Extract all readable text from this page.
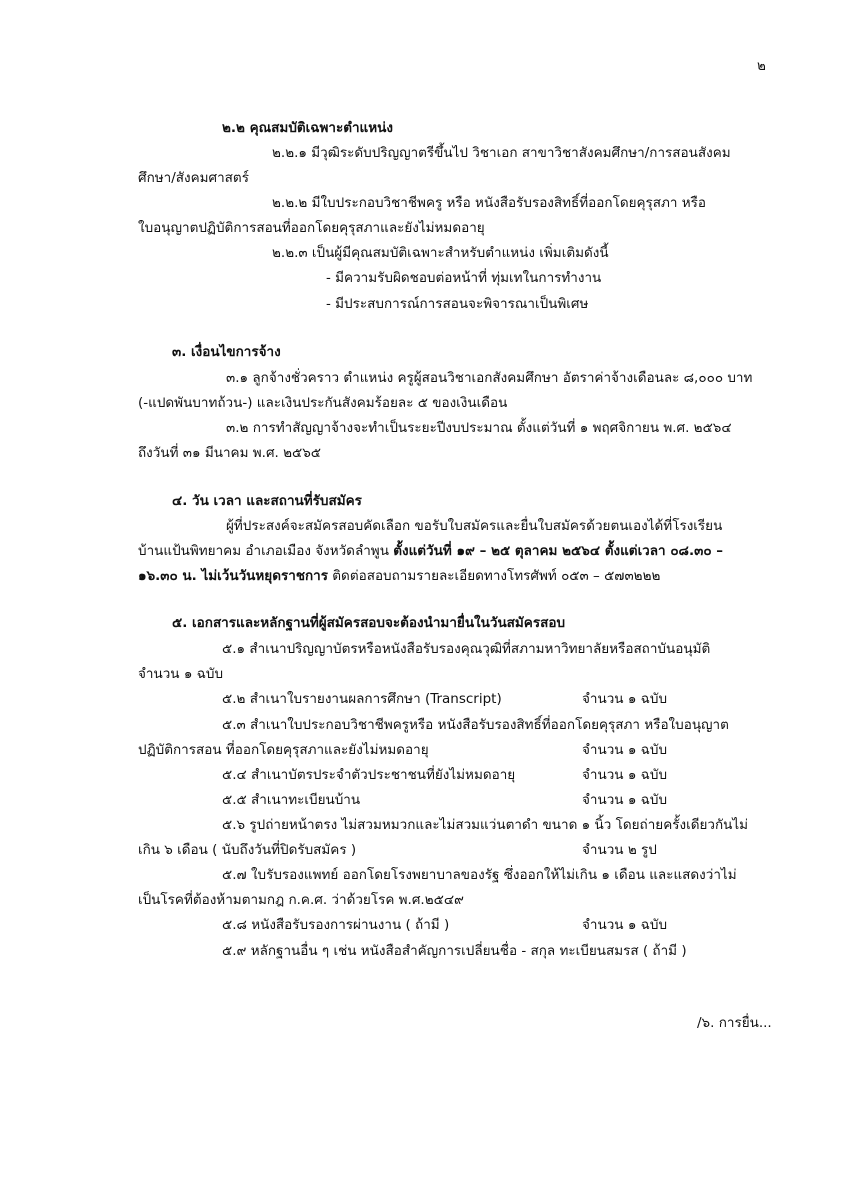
๒
๒.๒ คุณสมบัติเฉพาะตำแหน่ง
๒.๒.๑ มีวุฒิระดับปริญญาตรีขึ้นไป วิชาเอก สาขาวิชาสังคมศึกษา/การสอนสังคม
ศึกษา/สังคมศาสตร์
๒.๒.๒ มีใบประกอบวิชาชีพครู หรือ หนังสือรับรองสิทธิ์ที่ออกโดยคุรุสภา หรือ
ใบอนุญาตปฏิบัติการสอนที่ออกโดยคุรุสภาและยังไม่หมดอายุ
๒.๒.๓ เป็นผู้มีคุณสมบัติเฉพาะสำหรับตำแหน่ง เพิ่มเติมดังนี้
- มีความรับผิดชอบต่อหน้าที่ ทุ่มเทในการทำงาน
- มีประสบการณ์การสอนจะพิจารณาเป็นพิเศษ
๓. เงื่อนไขการจ้าง
๓.๑ ลูกจ้างชั่วคราว ตำแหน่ง ครูผู้สอนวิชาเอกสังคมศึกษา อัตราค่าจ้างเดือนละ ๘,๐๐๐ บาท
(-แปดพันบาทถ้วน-) และเงินประกันสังคมร้อยละ ๕ ของเงินเดือน
๓.๒ การทำสัญญาจ้างจะทำเป็นระยะปีงบประมาณ ตั้งแต่วันที่ ๑ พฤศจิกายน พ.ศ. ๒๕๖๔
ถึงวันที่ ๓๑ มีนาคม พ.ศ. ๒๕๖๕
๔. วัน เวลา และสถานที่รับสมัคร
ผู้ที่ประสงค์จะสมัครสอบคัดเลือก ขอรับใบสมัครและยื่นใบสมัครด้วยตนเองได้ที่โรงเรียน
บ้านแป้นพิทยาคม อำเภอเมือง จังหวัดลำพูน ตั้งแต่วันที่ ๑๙ – ๒๕ ตุลาคม ๒๕๖๔ ตั้งแต่เวลา ๐๘.๓๐ –
๑๖.๓๐ น. ไม่เว้นวันหยุดราชการ ติดต่อสอบถามรายละเอียดทางโทรศัพท์ ๐๕๓ – ๕๗๓๒๒๒
๕. เอกสารและหลักฐานที่ผู้สมัครสอบจะต้องนำมายื่นในวันสมัครสอบ
๕.๑ สำเนาปริญญาบัตรหรือหนังสือรับรองคุณวุฒิที่สภามหาวิทยาลัยหรือสถาบันอนุมัติ
จำนวน ๑ ฉบับ
๕.๒ สำเนาใบรายงานผลการศึกษา (Transcript)	จำนวน ๑ ฉบับ
๕.๓ สำเนาใบประกอบวิชาชีพครูหรือ หนังสือรับรองสิทธิ์ที่ออกโดยคุรุสภา หรือใบอนุญาต
ปฏิบัติการสอน ที่ออกโดยคุรุสภาและยังไม่หมดอายุ	จำนวน ๑ ฉบับ
๕.๔ สำเนาบัตรประจำตัวประชาชนที่ยังไม่หมดอายุ	จำนวน ๑ ฉบับ
๕.๕ สำเนาทะเบียนบ้าน	จำนวน ๑ ฉบับ
๕.๖ รูปถ่ายหน้าตรง ไม่สวมหมวกและไม่สวมแว่นตาดำ ขนาด ๑ นิ้ว โดยถ่ายครั้งเดียวกันไม่
เกิน ๖ เดือน ( นับถึงวันที่ปิดรับสมัคร )	จำนวน ๒ รูป
๕.๗ ใบรับรองแพทย์ ออกโดยโรงพยาบาลของรัฐ ซึ่งออกให้ไม่เกิน ๑ เดือน และแสดงว่าไม่
เป็นโรคที่ต้องห้ามตามกฎ ก.ค.ศ. ว่าด้วยโรค พ.ศ.๒๕๔๙
๕.๘ หนังสือรับรองการผ่านงาน ( ถ้ามี )	จำนวน ๑ ฉบับ
๕.๙ หลักฐานอื่น ๆ เช่น หนังสือสำคัญการเปลี่ยนชื่อ - สกุล ทะเบียนสมรส ( ถ้ามี )
/๖. การยื่น...
